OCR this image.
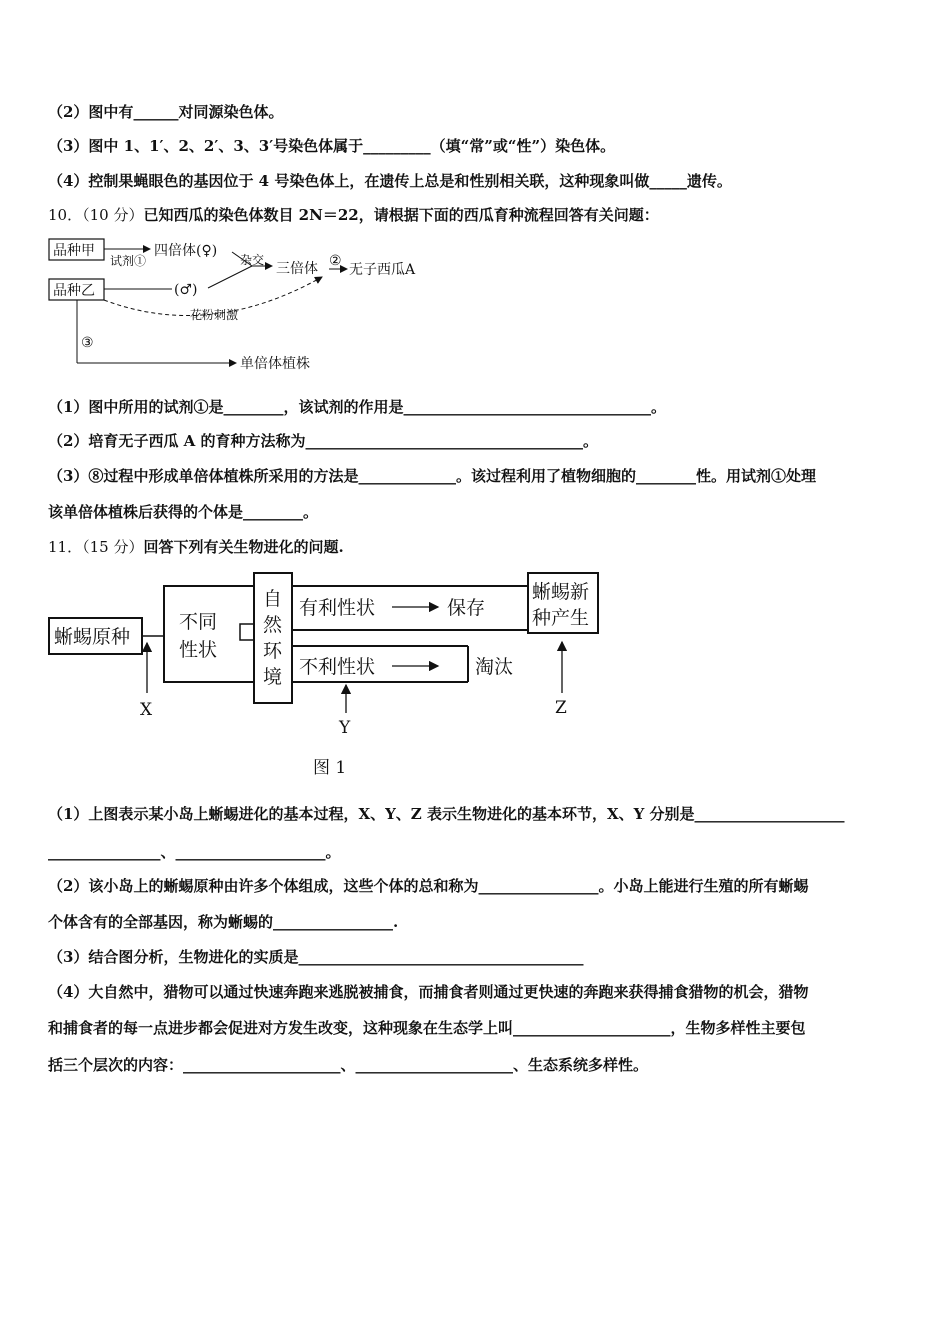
（2）图中有______对同源染色体。
（3）图中 1、1′、2、2′、3、3′号染色体属于_________（填“常”或“性”）染色体。
（4）控制果蝇眼色的基因位于 4 号染色体上，在遗传上总是和性别相关联，这种现象叫做_____遗传。
10．（10 分）已知西瓜的染色体数目 2N＝22，请根据下面的西瓜育种流程回答有关问题：
品种甲
品种乙
试剂①
四倍体(♀)
(♂)
杂交
三倍体 ②
无子西瓜A
花粉刺激
③
单倍体植株
（1）图中所用的试剂①是________，该试剂的作用是_________________________________。
（2）培育无子西瓜 A 的育种方法称为_____________________________________。
（3）⑧过程中形成单倍体植株所采用的方法是_____________。该过程利用了植物细胞的________性。用试剂①处理
该单倍体植株后获得的个体是________。
11．（15 分）回答下列有关生物进化的问题.
蜥蜴原种
不同
性状
自
然
环
境
有利性状	保存
蜥蜴新
种产生
不利性状	淘汰
X
Y
Z
图 1
（1）上图表示某小岛上蜥蜴进化的基本过程，X、Y、Z 表示生物进化的基本环节，X、Y 分别是____________________
_______________、____________________。
（2）该小岛上的蜥蜴原种由许多个体组成，这些个体的总和称为________________。小岛上能进行生殖的所有蜥蜴
个体含有的全部基因，称为蜥蜴的________________.
（3）结合图分析，生物进化的实质是______________________________________
（4）大自然中，猎物可以通过快速奔跑来逃脱被捕食，而捕食者则通过更快速的奔跑来获得捕食猎物的机会，猎物
和捕食者的每一点进步都会促进对方发生改变，这种现象在生态学上叫_____________________，生物多样性主要包
括三个层次的内容：_____________________、_____________________、生态系统多样性。
